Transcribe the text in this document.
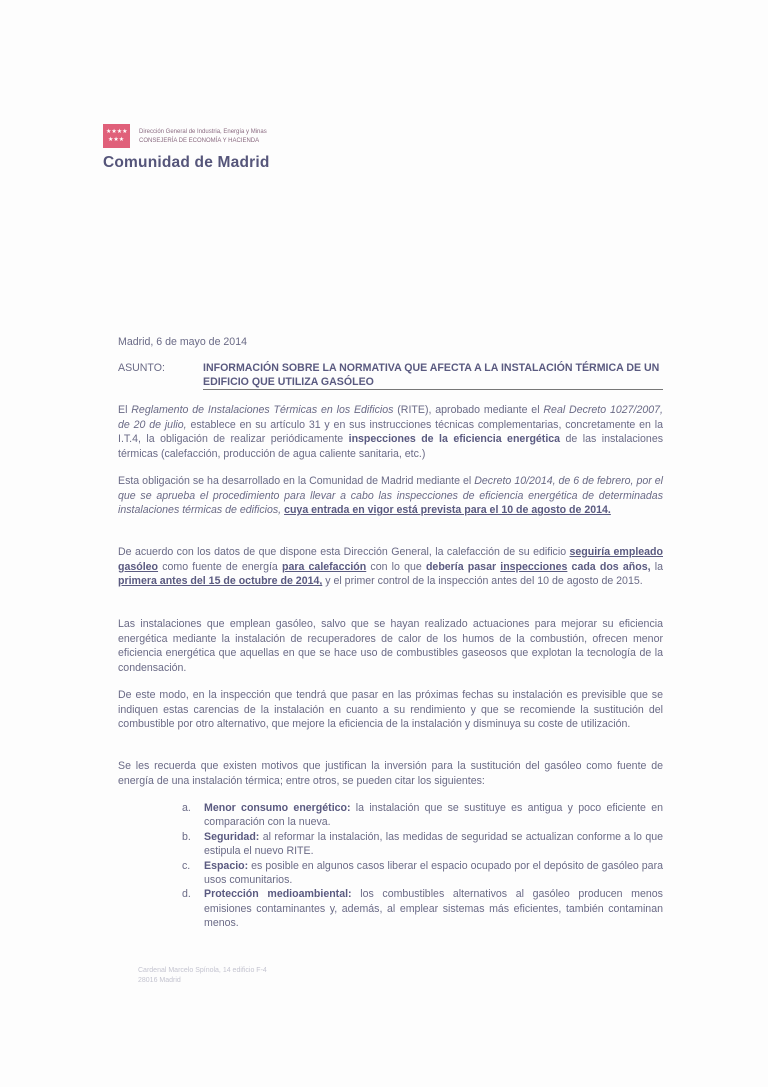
★★★★
★★★
Dirección General de Industria, Energía y Minas
CONSEJERÍA DE ECONOMÍA Y HACIENDA
Comunidad de Madrid
Madrid, 6 de mayo de 2014
ASUNTO:	INFORMACIÓN SOBRE LA NORMATIVA QUE AFECTA A LA INSTALACIÓN TÉRMICA DE UN EDIFICIO QUE UTILIZA GASÓLEO
El Reglamento de Instalaciones Térmicas en los Edificios (RITE), aprobado mediante el Real Decreto 1027/2007, de 20 de julio, establece en su artículo 31 y en sus instrucciones técnicas complementarias, concretamente en la I.T.4, la obligación de realizar periódicamente inspecciones de la eficiencia energética de las instalaciones térmicas (calefacción, producción de agua caliente sanitaria, etc.)
Esta obligación se ha desarrollado en la Comunidad de Madrid mediante el Decreto 10/2014, de 6 de febrero, por el que se aprueba el procedimiento para llevar a cabo las inspecciones de eficiencia energética de determinadas instalaciones térmicas de edificios, cuya entrada en vigor está prevista para el 10 de agosto de 2014.
De acuerdo con los datos de que dispone esta Dirección General, la calefacción de su edificio seguiría empleado gasóleo como fuente de energía para calefacción con lo que debería pasar inspecciones cada dos años, la primera antes del 15 de octubre de 2014, y el primer control de la inspección antes del 10 de agosto de 2015.
Las instalaciones que emplean gasóleo, salvo que se hayan realizado actuaciones para mejorar su eficiencia energética mediante la instalación de recuperadores de calor de los humos de la combustión, ofrecen menor eficiencia energética que aquellas en que se hace uso de combustibles gaseosos que explotan la tecnología de la condensación.
De este modo, en la inspección que tendrá que pasar en las próximas fechas su instalación es previsible que se indiquen estas carencias de la instalación en cuanto a su rendimiento y que se recomiende la sustitución del combustible por otro alternativo, que mejore la eficiencia de la instalación y disminuya su coste de utilización.
Se les recuerda que existen motivos que justifican la inversión para la sustitución del gasóleo como fuente de energía de una instalación térmica; entre otros, se pueden citar los siguientes:
a. Menor consumo energético: la instalación que se sustituye es antigua y poco eficiente en comparación con la nueva.
b. Seguridad: al reformar la instalación, las medidas de seguridad se actualizan conforme a lo que estipula el nuevo RITE.
c. Espacio: es posible en algunos casos liberar el espacio ocupado por el depósito de gasóleo para usos comunitarios.
d. Protección medioambiental: los combustibles alternativos al gasóleo producen menos emisiones contaminantes y, además, al emplear sistemas más eficientes, también contaminan menos.
Cardenal Marcelo Spínola, 14 edificio F-4
28016 Madrid
